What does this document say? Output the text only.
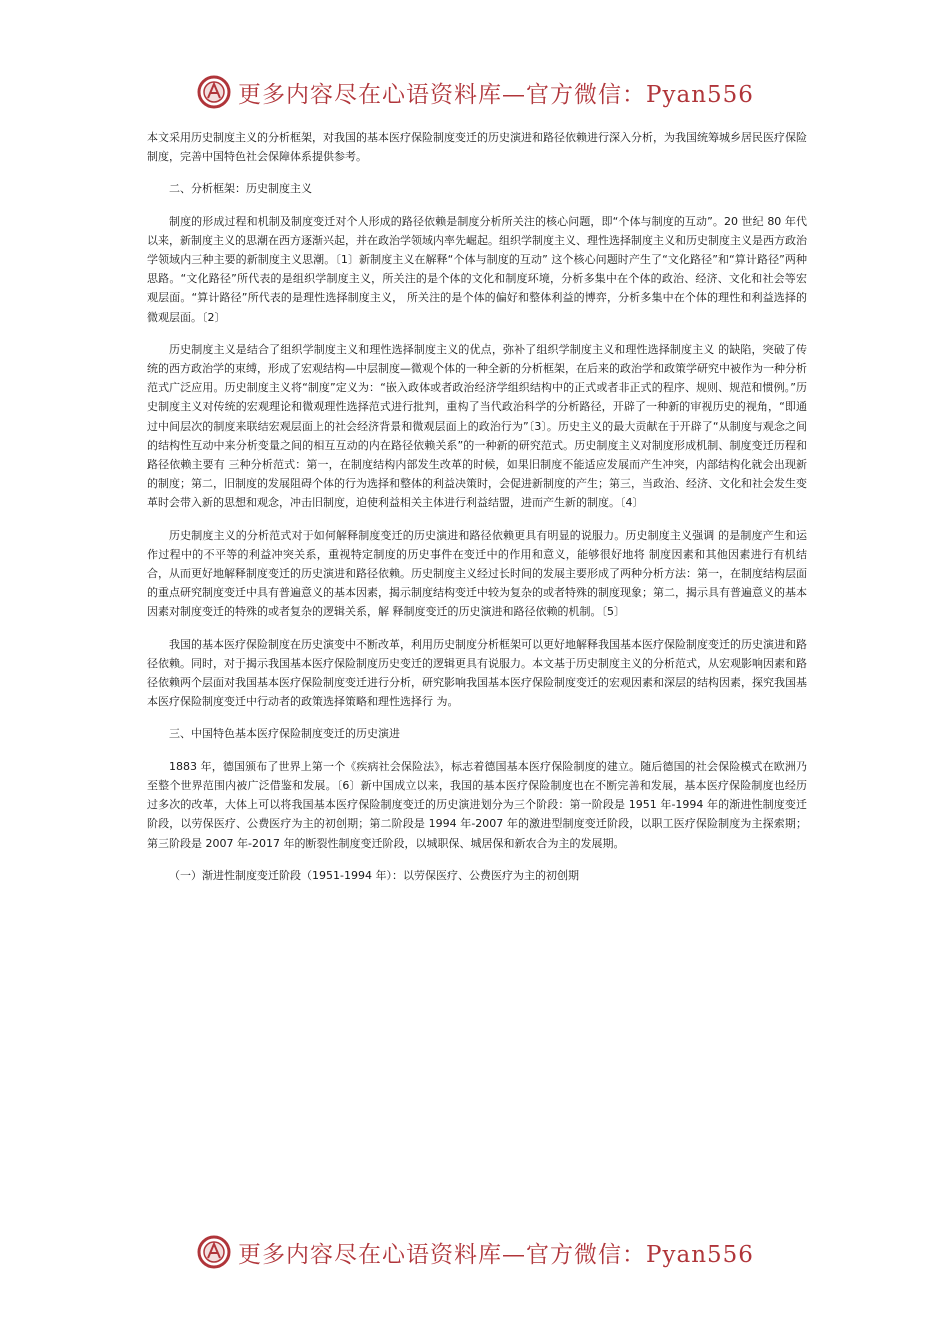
更多内容尽在心语资料库—官方微信：Pyan556

本文采用历史制度主义的分析框架，对我国的基本医疗保险制度变迁的历史演进和路径依赖进行深入分析，为我国统筹城乡居民医疗保险制度，完善中国特色社会保障体系提供参考。

二、分析框架：历史制度主义

制度的形成过程和机制及制度变迁对个人形成的路径依赖是制度分析所关注的核心问题，即“个体与制度的互动”。20 世纪 80 年代以来，新制度主义的思潮在西方逐渐兴起，并在政治学领域内率先崛起。组织学制度主义、理性选择制度主义和历史制度主义是西方政治学领域内三种主要的新制度主义思潮。〔1〕新制度主义在解释“个体与制度的互动” 这个核心问题时产生了“文化路径”和“算计路径”两种思路。“文化路径”所代表的是组织学制度主义，所关注的是个体的文化和制度环境，分析多集中在个体的政治、经济、文化和社会等宏观层面。“算计路径”所代表的是理性选择制度主义， 所关注的是个体的偏好和整体利益的博弈，分析多集中在个体的理性和利益选择的微观层面。〔2〕

历史制度主义是结合了组织学制度主义和理性选择制度主义的优点，弥补了组织学制度主义和理性选择制度主义 的缺陷，突破了传统的西方政治学的束缚，形成了宏观结构—中层制度—微观个体的一种全新的分析框架，在后来的政治学和政策学研究中被作为一种分析范式广泛应用。历史制度主义将“制度”定义为：“嵌入政体或者政治经济学组织结构中的正式或者非正式的程序、规则、规范和惯例。”历史制度主义对传统的宏观理论和微观理性选择范式进行批判，重构了当代政治科学的分析路径，开辟了一种新的审视历史的视角，“即通过中间层次的制度来联结宏观层面上的社会经济背景和微观层面上的政治行为”〔3〕。历史主义的最大贡献在于开辟了“从制度与观念之间的结构性互动中来分析变量之间的相互互动的内在路径依赖关系”的一种新的研究范式。历史制度主义对制度形成机制、制度变迁历程和路径依赖主要有 三种分析范式：第一，在制度结构内部发生改革的时候，如果旧制度不能适应发展而产生冲突，内部结构化就会出现新 的制度；第二，旧制度的发展阻碍个体的行为选择和整体的利益决策时，会促进新制度的产生；第三，当政治、经济、文化和社会发生变革时会带入新的思想和观念，冲击旧制度，迫使利益相关主体进行利益结盟，进而产生新的制度。〔4〕

历史制度主义的分析范式对于如何解释制度变迁的历史演进和路径依赖更具有明显的说服力。历史制度主义强调 的是制度产生和运作过程中的不平等的利益冲突关系，重视特定制度的历史事件在变迁中的作用和意义，能够很好地将 制度因素和其他因素进行有机结合，从而更好地解释制度变迁的历史演进和路径依赖。历史制度主义经过长时间的发展主要形成了两种分析方法：第一，在制度结构层面的重点研究制度变迁中具有普遍意义的基本因素，揭示制度结构变迁中较为复杂的或者特殊的制度现象；第二，揭示具有普遍意义的基本因素对制度变迁的特殊的或者复杂的逻辑关系，解 释制度变迁的历史演进和路径依赖的机制。〔5〕

我国的基本医疗保险制度在历史演变中不断改革，利用历史制度分析框架可以更好地解释我国基本医疗保险制度变迁的历史演进和路径依赖。同时，对于揭示我国基本医疗保险制度历史变迁的逻辑更具有说服力。本文基于历史制度主义的分析范式，从宏观影响因素和路径依赖两个层面对我国基本医疗保险制度变迁进行分析，研究影响我国基本医疗保险制度变迁的宏观因素和深层的结构因素，探究我国基本医疗保险制度变迁中行动者的政策选择策略和理性选择行 为。

三、中国特色基本医疗保险制度变迁的历史演进

1883 年，德国颁布了世界上第一个《疾病社会保险法》，标志着德国基本医疗保险制度的建立。随后德国的社会保险模式在欧洲乃至整个世界范围内被广泛借鉴和发展。〔6〕新中国成立以来，我国的基本医疗保险制度也在不断完善和发展，基本医疗保险制度也经历过多次的改革，大体上可以将我国基本医疗保险制度变迁的历史演进划分为三个阶段：第一阶段是 1951 年-1994 年的渐进性制度变迁阶段，以劳保医疗、公费医疗为主的初创期；第二阶段是 1994 年-2007 年的激进型制度变迁阶段，以职工医疗保险制度为主探索期；第三阶段是 2007 年-2017 年的断裂性制度变迁阶段，以城职保、城居保和新农合为主的发展期。

（一）渐进性制度变迁阶段（1951-1994 年）：以劳保医疗、公费医疗为主的初创期

更多内容尽在心语资料库—官方微信：Pyan556
